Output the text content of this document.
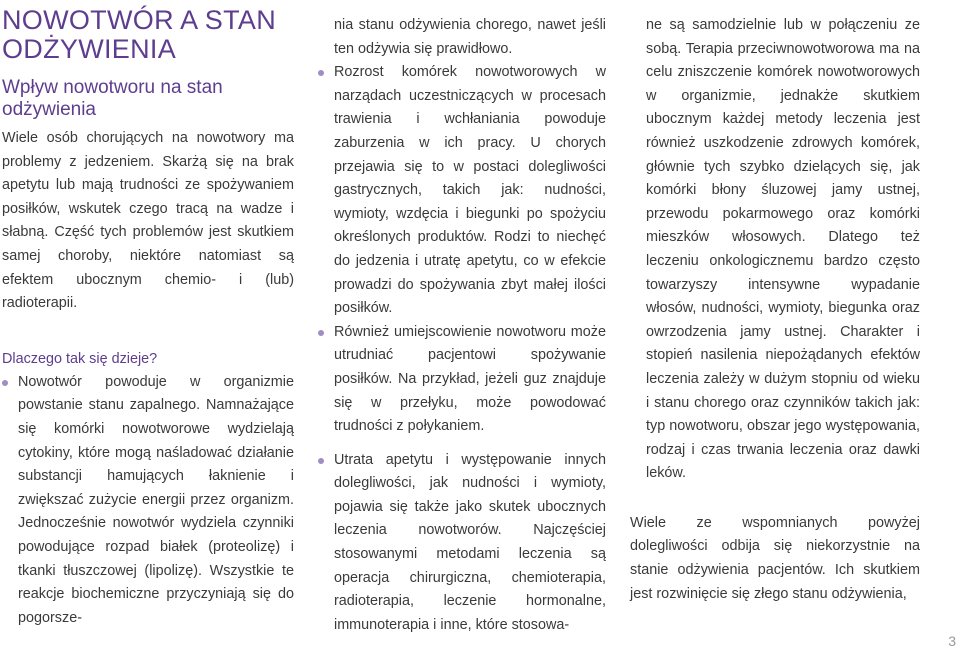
NOWOTWÓR A STAN ODŻYWIENIA
Wpływ nowotworu na stan odżywienia

Wiele osób chorujących na nowotwory ma problemy z jedzeniem. Skarżą się na brak apetytu lub mają trudności ze spożywaniem posiłków, wskutek czego tracą na wadze i słabną. Część tych problemów jest skutkiem samej choroby, niektóre natomiast są efektem ubocznym chemio- i (lub) radioterapii.

Dlaczego tak się dzieje?
Nowotwór powoduje w organizmie powstanie stanu zapalnego. Namnażające się komórki nowotworowe wydzielają cytokiny, które mogą naśladować działanie substancji hamujących łaknienie i zwiększać zużycie energii przez organizm. Jednocześnie nowotwór wydziela czynniki powodujące rozpad białek (proteolizę) i tkanki tłuszczowej (lipolizę). Wszystkie te reakcje biochemiczne przyczyniają się do pogorsze-

nia stanu odżywienia chorego, nawet jeśli ten odżywia się prawidłowo.

Rozrost komórek nowotworowych w narządach uczestniczących w procesach trawienia i wchłaniania powoduje zaburzenia w ich pracy. U chorych przejawia się to w postaci dolegliwości gastrycznych, takich jak: nudności, wymioty, wzdęcia i biegunki po spożyciu określonych produktów. Rodzi to niechęć do jedzenia i utratę apetytu, co w efekcie prowadzi do spożywania zbyt małej ilości posiłków.
Również umiejscowienie nowotworu może utrudniać pacjentowi spożywanie posiłków. Na przykład, jeżeli guz znajduje się w przełyku, może powodować trudności z połykaniem.
Utrata apetytu i występowanie innych dolegliwości, jak nudności i wymioty, pojawia się także jako skutek ubocznych leczenia nowotworów. Najczęściej stosowanymi metodami leczenia są operacja chirurgiczna, chemioterapia, radioterapia, leczenie hormonalne, immunoterapia i inne, które stosowa-

ne są samodzielnie lub w połączeniu ze sobą. Terapia przeciwnowotworowa ma na celu zniszczenie komórek nowotworowych w organizmie, jednakże skutkiem ubocznym każdej metody leczenia jest również uszkodzenie zdrowych komórek, głównie tych szybko dzielących się, jak komórki błony śluzowej jamy ustnej, przewodu pokarmowego oraz komórki mieszków włosowych. Dlatego też leczeniu onkologicznemu bardzo często towarzyszy intensywne wypadanie włosów, nudności, wymioty, biegunka oraz owrzodzenia jamy ustnej. Charakter i stopień nasilenia niepożądanych efektów leczenia zależy w dużym stopniu od wieku i stanu chorego oraz czynników takich jak: typ nowotworu, obszar jego występowania, rodzaj i czas trwania leczenia oraz dawki leków.

Wiele ze wspomnianych powyżej dolegliwości odbija się niekorzystnie na stanie odżywienia pacjentów. Ich skutkiem jest rozwinięcie się złego stanu odżywienia,

3
